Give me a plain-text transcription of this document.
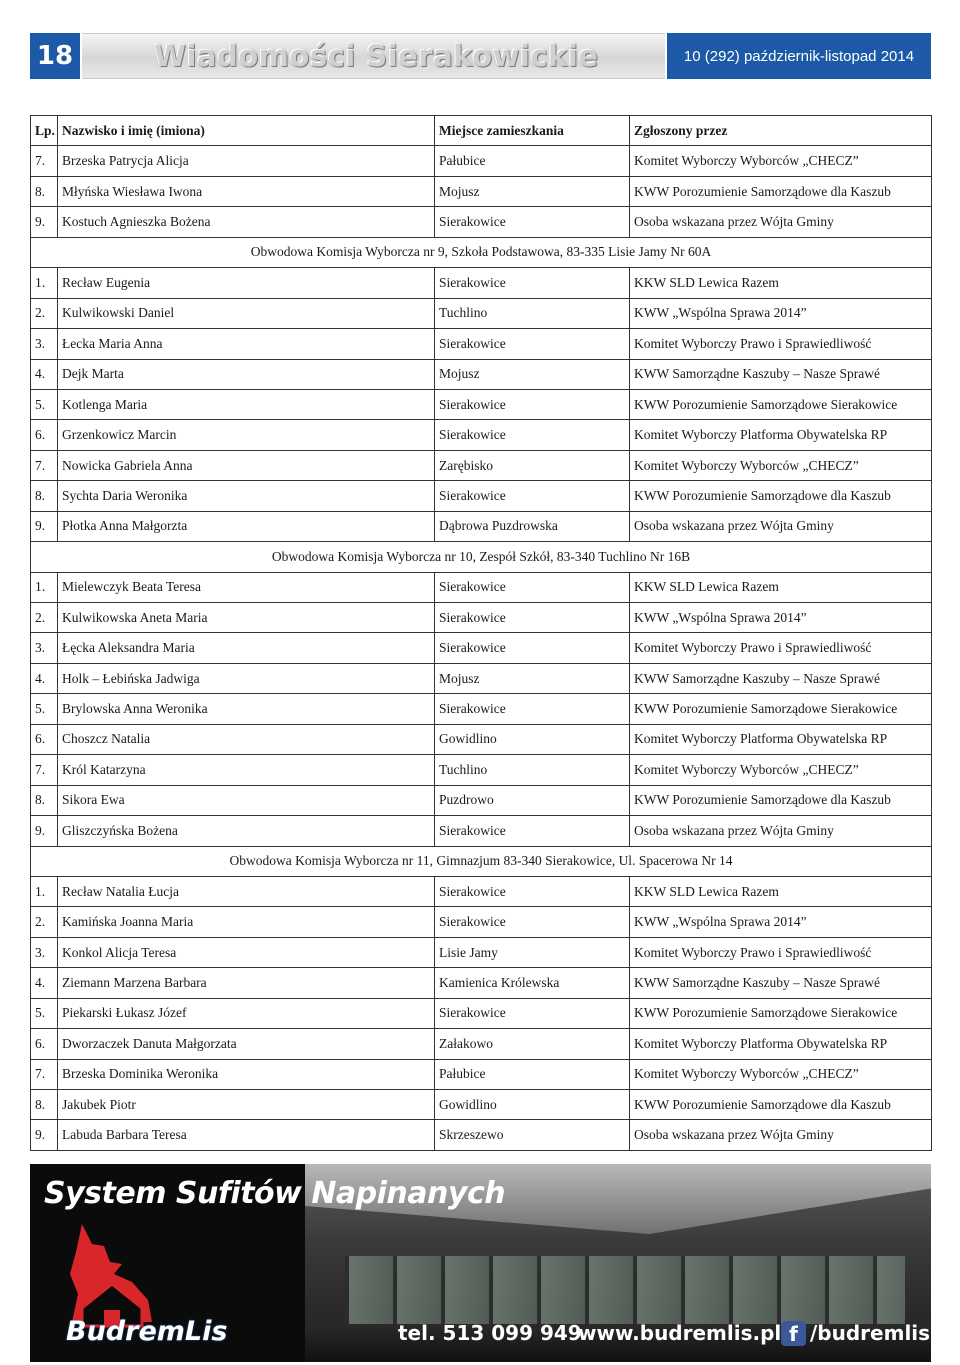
18	Wiadomości Sierakowickie	10 (292) październik-listopad 2014
Lp.	Nazwisko i imię (imiona)	Miejsce zamieszkania	Zgłoszony przez
7.	Brzeska Patrycja Alicja	Pałubice	Komitet Wyborczy Wyborców „CHECZ”
8.	Młyńska Wiesława Iwona	Mojusz	KWW Porozumienie Samorządowe dla Kaszub
9.	Kostuch Agnieszka Bożena	Sierakowice	Osoba wskazana przez Wójta Gminy
Obwodowa Komisja Wyborcza nr 9, Szkoła Podstawowa, 83-335 Lisie Jamy Nr 60A			
1.	Recław Eugenia	Sierakowice	KKW SLD Lewica Razem
2.	Kulwikowski Daniel	Tuchlino	KWW „Wspólna Sprawa 2014”
3.	Łecka Maria Anna	Sierakowice	Komitet Wyborczy Prawo i Sprawiedliwość
4.	Dejk Marta	Mojusz	KWW Samorządne Kaszuby – Nasze Sprawé
5.	Kotlenga Maria	Sierakowice	KWW Porozumienie Samorządowe Sierakowice
6.	Grzenkowicz Marcin	Sierakowice	Komitet Wyborczy Platforma Obywatelska RP
7.	Nowicka Gabriela Anna	Zarębisko	Komitet Wyborczy Wyborców „CHECZ”
8.	Sychta Daria Weronika	Sierakowice	KWW Porozumienie Samorządowe dla Kaszub
9.	Płotka Anna Małgorzta	Dąbrowa Puzdrowska	Osoba wskazana przez Wójta Gminy
Obwodowa Komisja Wyborcza nr 10, Zespół Szkół, 83-340 Tuchlino Nr 16B			
1.	Mielewczyk Beata Teresa	Sierakowice	KKW SLD Lewica Razem
2.	Kulwikowska Aneta Maria	Sierakowice	KWW „Wspólna Sprawa 2014”
3.	Łęcka Aleksandra Maria	Sierakowice	Komitet Wyborczy Prawo i Sprawiedliwość
4.	Holk – Łebińska Jadwiga	Mojusz	KWW Samorządne Kaszuby – Nasze Sprawé
5.	Brylowska Anna Weronika	Sierakowice	KWW Porozumienie Samorządowe Sierakowice
6.	Choszcz Natalia	Gowidlino	Komitet Wyborczy Platforma Obywatelska RP
7.	Król Katarzyna	Tuchlino	Komitet Wyborczy Wyborców „CHECZ”
8.	Sikora Ewa	Puzdrowo	KWW Porozumienie Samorządowe dla Kaszub
9.	Gliszczyńska Bożena	Sierakowice	Osoba wskazana przez Wójta Gminy
Obwodowa Komisja Wyborcza nr 11, Gimnazjum 83-340 Sierakowice, Ul. Spacerowa Nr 14			
1.	Recław Natalia Łucja	Sierakowice	KKW SLD Lewica Razem
2.	Kamińska Joanna Maria	Sierakowice	KWW „Wspólna Sprawa 2014”
3.	Konkol Alicja Teresa	Lisie Jamy	Komitet Wyborczy Prawo i Sprawiedliwość
4.	Ziemann Marzena Barbara	Kamienica Królewska	KWW Samorządne Kaszuby – Nasze Sprawé
5.	Piekarski Łukasz Józef	Sierakowice	KWW Porozumienie Samorządowe Sierakowice
6.	Dworzaczek Danuta Małgorzata	Załakowo	Komitet Wyborczy Platforma Obywatelska RP
7.	Brzeska Dominika Weronika	Pałubice	Komitet Wyborczy Wyborców „CHECZ”
8.	Jakubek Piotr	Gowidlino	KWW Porozumienie Samorządowe dla Kaszub
9.	Labuda Barbara Teresa	Skrzeszewo	Osoba wskazana przez Wójta Gminy
System Sufitów Napinanych
BudremLis	tel. 513 099 949
www.budremlis.pl f /budremlis
